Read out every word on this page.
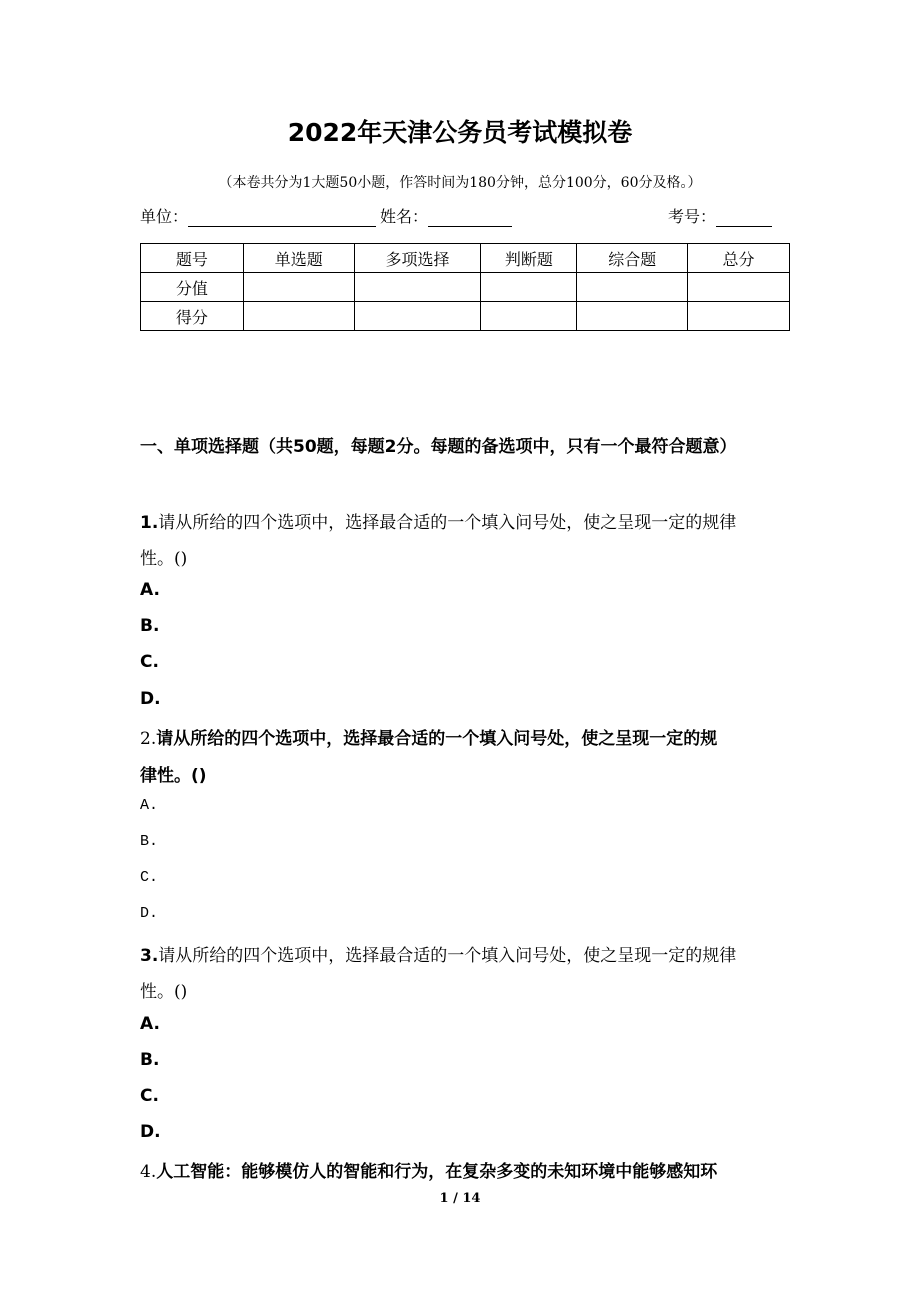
2022年天津公务员考试模拟卷
（本卷共分为1大题50小题，作答时间为180分钟，总分100分，60分及格。）
单位：	姓名：	考号：
题号	单选题	多项选择	判断题	综合题	总分
分值					
得分					
一、单项选择题（共50题，每题2分。每题的备选项中，只有一个最符合题意）
1.请从所给的四个选项中，选择最合适的一个填入问号处，使之呈现一定的规律
性。()
A.
B.
C.
D.
2.请从所给的四个选项中，选择最合适的一个填入问号处，使之呈现一定的规
律性。()
A.
B.
C.
D.
3.请从所给的四个选项中，选择最合适的一个填入问号处，使之呈现一定的规律
性。()
A.
B.
C.
D.
4.人工智能：能够模仿人的智能和行为，在复杂多变的未知环境中能够感知环
1 / 14
